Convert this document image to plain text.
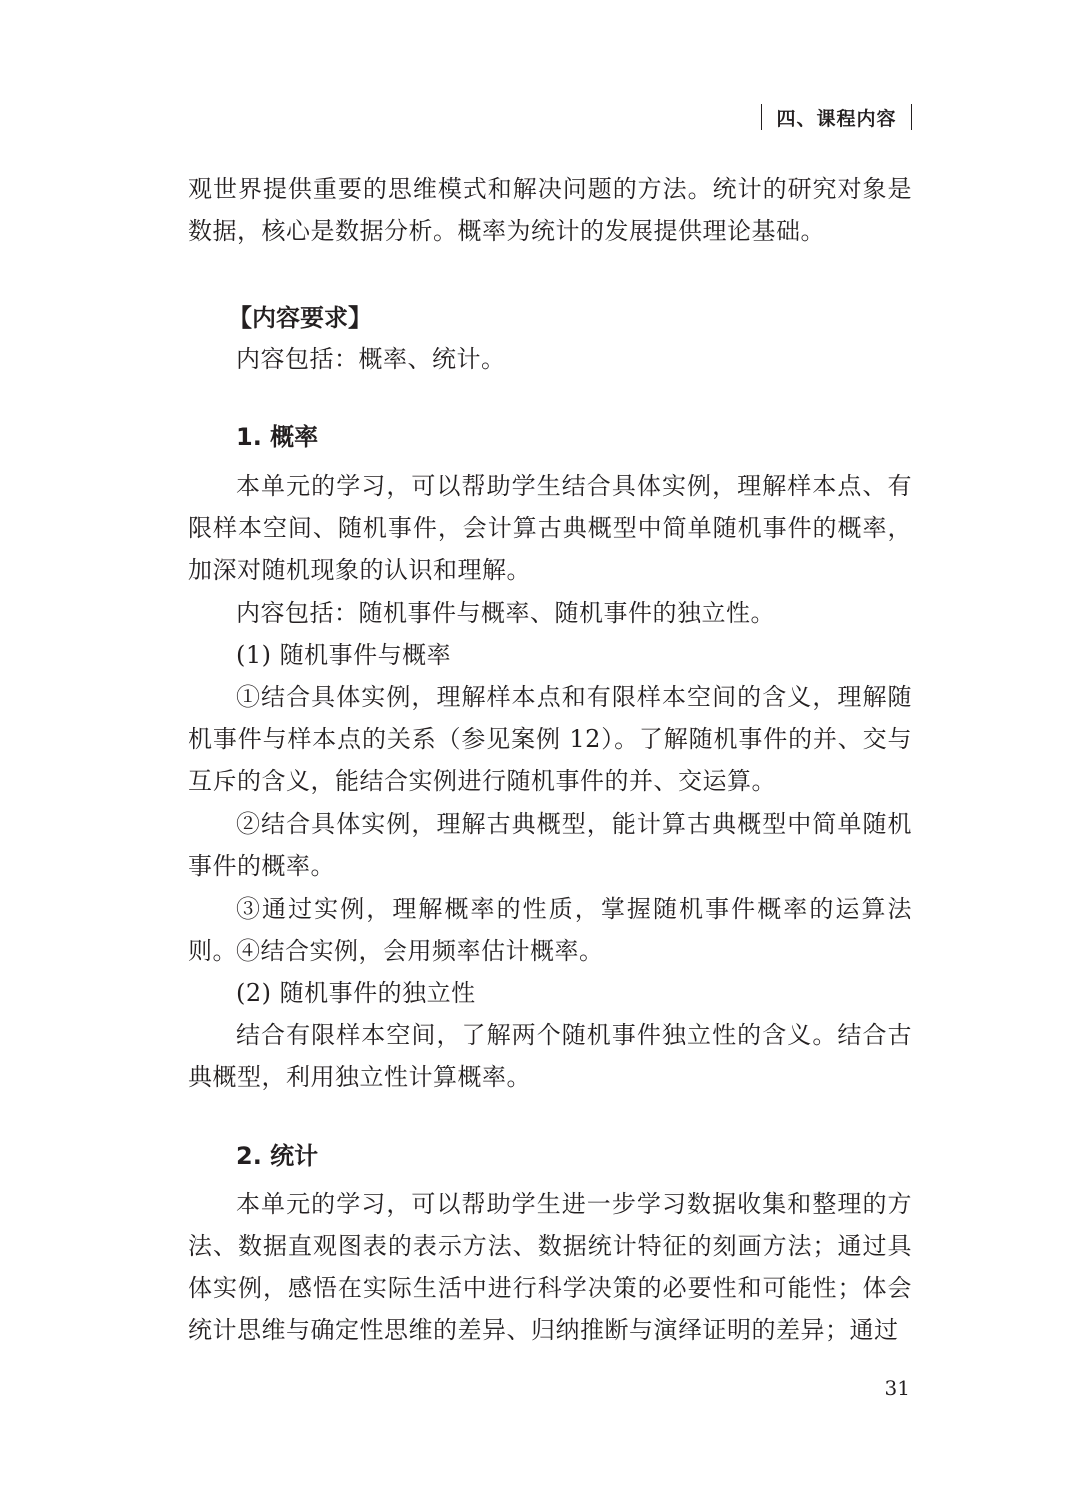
四、课程内容

观世界提供重要的思维模式和解决问题的方法。统计的研究对象是数据，核心是数据分析。概率为统计的发展提供理论基础。

【内容要求】

内容包括：概率、统计。

1. 概率

本单元的学习，可以帮助学生结合具体实例，理解样本点、有限样本空间、随机事件，会计算古典概型中简单随机事件的概率，加深对随机现象的认识和理解。

内容包括：随机事件与概率、随机事件的独立性。

(1) 随机事件与概率

①结合具体实例，理解样本点和有限样本空间的含义，理解随机事件与样本点的关系（参见案例 12）。了解随机事件的并、交与互斥的含义，能结合实例进行随机事件的并、交运算。

②结合具体实例，理解古典概型，能计算古典概型中简单随机事件的概率。

③通过实例，理解概率的性质，掌握随机事件概率的运算法则。 ④结合实例，会用频率估计概率。

(2) 随机事件的独立性

结合有限样本空间，了解两个随机事件独立性的含义。结合古典概型，利用独立性计算概率。

2. 统计

本单元的学习，可以帮助学生进一步学习数据收集和整理的方法、数据直观图表的表示方法、数据统计特征的刻画方法；通过具体实例，感悟在实际生活中进行科学决策的必要性和可能性；体会统计思维与确定性思维的差异、归纳推断与演绎证明的差异；通过

31
